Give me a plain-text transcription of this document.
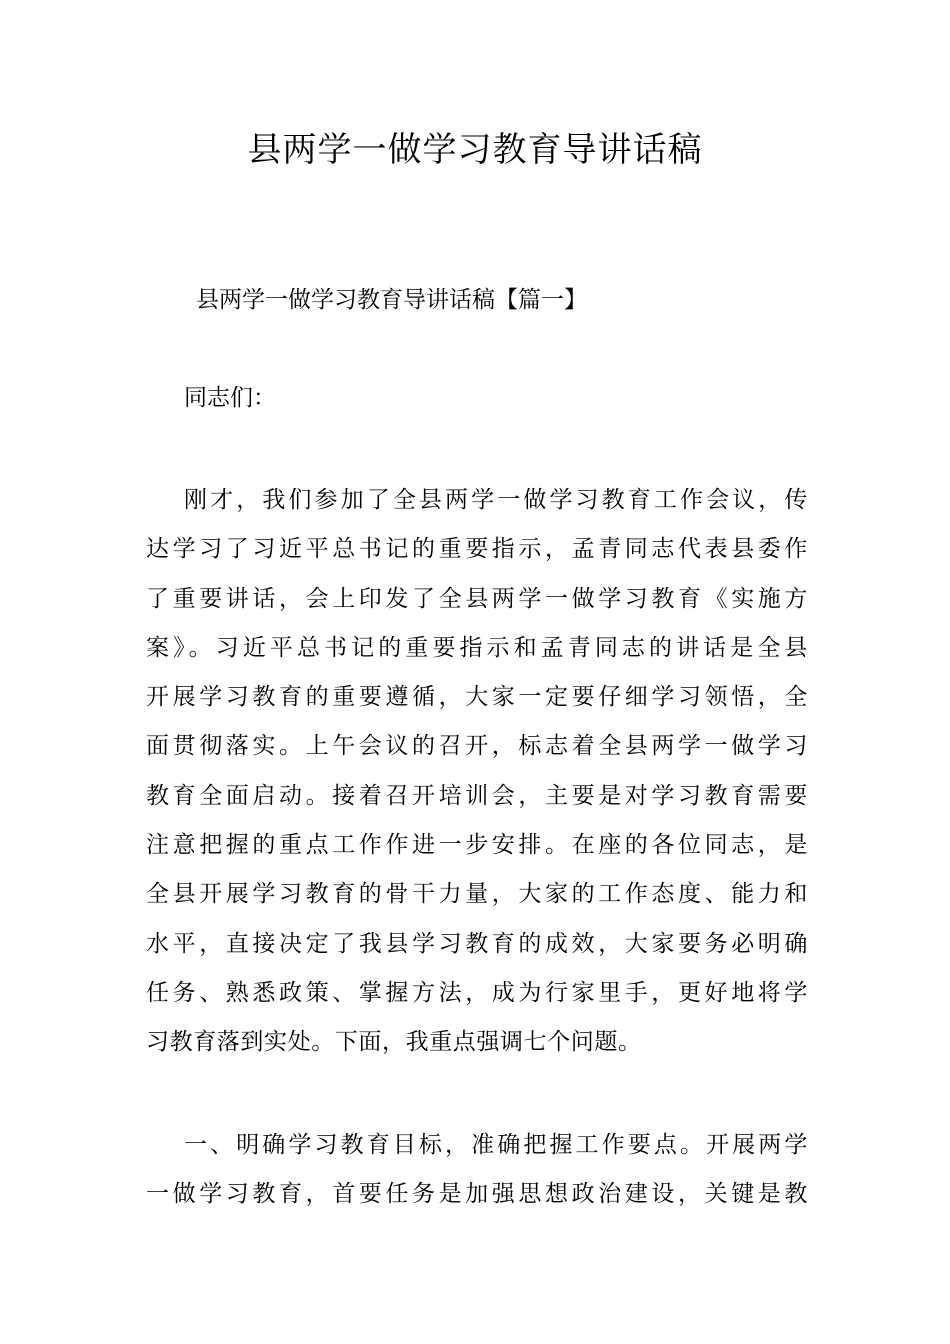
县两学一做学习教育导讲话稿

县两学一做学习教育导讲话稿【篇一】

同志们：

刚才，我们参加了全县两学一做学习教育工作会议，传
达学习了习近平总书记的重要指示，孟青同志代表县委作
了重要讲话，会上印发了全县两学一做学习教育《实施方
案》。习近平总书记的重要指示和孟青同志的讲话是全县
开展学习教育的重要遵循，大家一定要仔细学习领悟，全
面贯彻落实。上午会议的召开，标志着全县两学一做学习
教育全面启动。接着召开培训会，主要是对学习教育需要
注意把握的重点工作作进一步安排。在座的各位同志，是
全县开展学习教育的骨干力量，大家的工作态度、能力和
水平，直接决定了我县学习教育的成效，大家要务必明确
任务、熟悉政策、掌握方法，成为行家里手，更好地将学
习教育落到实处。下面，我重点强调七个问题。
一、明确学习教育目标，准确把握工作要点。开展两学
一做学习教育，首要任务是加强思想政治建设，关键是教
